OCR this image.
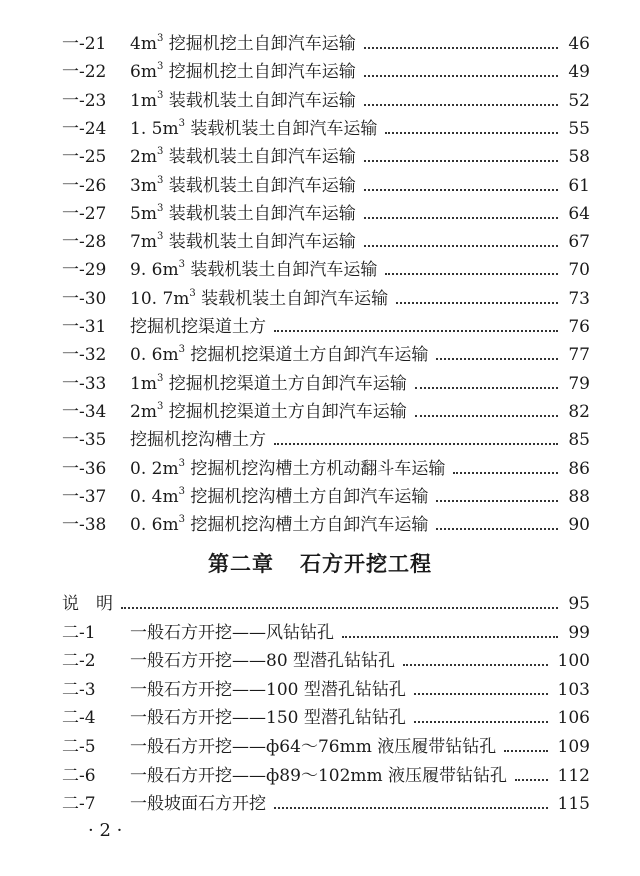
一-21 $4m^3$ 挖掘机挖土自卸汽车运输	46
一-22 $6m^3$ 挖掘机挖土自卸汽车运输	49
一-23 $1m^3$ 装载机装土自卸汽车运输	52
一-24 1. $5m^3$ 装载机装土自卸汽车运输	55
一-25 $2m^3$ 装载机装土自卸汽车运输	58
一-26 $3m^3$ 装载机装土自卸汽车运输	61
一-27 $5m^3$ 装载机装土自卸汽车运输	64
一-28 $7m^3$ 装载机装土自卸汽车运输	67
一-29 9. $6m^3$ 装载机装土自卸汽车运输	70
一-30 10. $7m^3$ 装载机装土自卸汽车运输	73
一-31 挖掘机挖渠道土方	76
一-32 0. $6m^3$ 挖掘机挖渠道土方自卸汽车运输	77
一-33 $1m^3$ 挖掘机挖渠道土方自卸汽车运输	79
一-34 $2m^3$ 挖掘机挖渠道土方自卸汽车运输	82
一-35 挖掘机挖沟槽土方	85
一-36 0. $2m^3$ 挖掘机挖沟槽土方机动翻斗车运输	86
一-37 0. $4m^3$ 挖掘机挖沟槽土方自卸汽车运输	88
一-38 0. $6m^3$ 挖掘机挖沟槽土方自卸汽车运输	90
第二章 石方开挖工程
说　明	95
二-1 一般石方开挖——风钻钻孔	99
二-2 一般石方开挖——80 型潜孔钻钻孔	100
二-3 一般石方开挖——100 型潜孔钻钻孔	103
二-4 一般石方开挖——150 型潜孔钻钻孔	106
二-5 一般石方开挖——ф64～76mm 液压履带钻钻孔	109
二-6 一般石方开挖——ф89～102mm 液压履带钻钻孔	112
二-7 一般坡面石方开挖	115
· 2 ·
